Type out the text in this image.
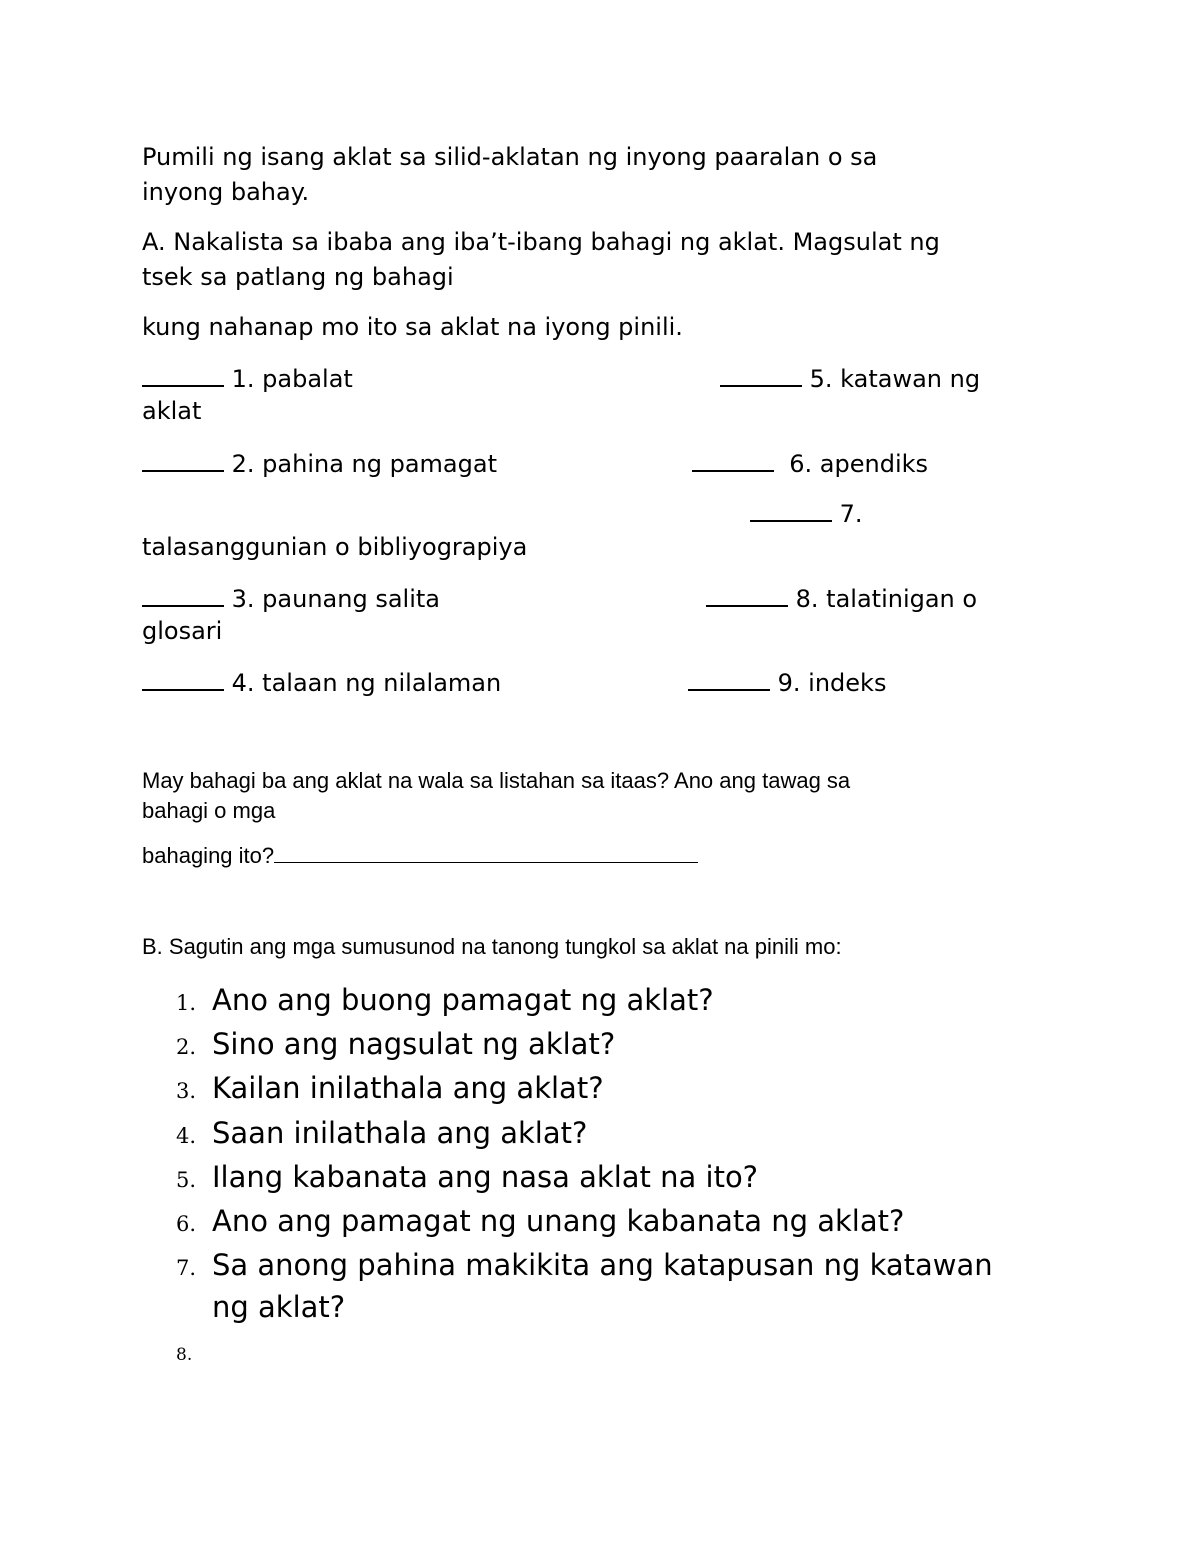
Pumili ng isang aklat sa silid-aklatan ng inyong paaralan o sa
inyong bahay.
A. Nakalista sa ibaba ang iba’t-ibang bahagi ng aklat. Magsulat ng
tsek sa patlang ng bahagi
kung nahanap mo ito sa aklat na iyong pinili.
1. pabalat	5. katawan ng
aklat
2. pahina ng pamagat	6. apendiks
7.
talasanggunian o bibliyograpiya
3. paunang salita	8. talatinigan o
glosari
4. talaan ng nilalaman	9. indeks
May bahagi ba ang aklat na wala sa listahan sa itaas? Ano ang tawag sa
bahagi o mga
bahaging ito?
B. Sagutin ang mga sumusunod na tanong tungkol sa aklat na pinili mo:
1. Ano ang buong pamagat ng aklat?
2. Sino ang nagsulat ng aklat?
3. Kailan inilathala ang aklat?
4. Saan inilathala ang aklat?
5. Ilang kabanata ang nasa aklat na ito?
6. Ano ang pamagat ng unang kabanata ng aklat?
7. Sa anong pahina makikita ang katapusan ng katawan
ng aklat?
8.
